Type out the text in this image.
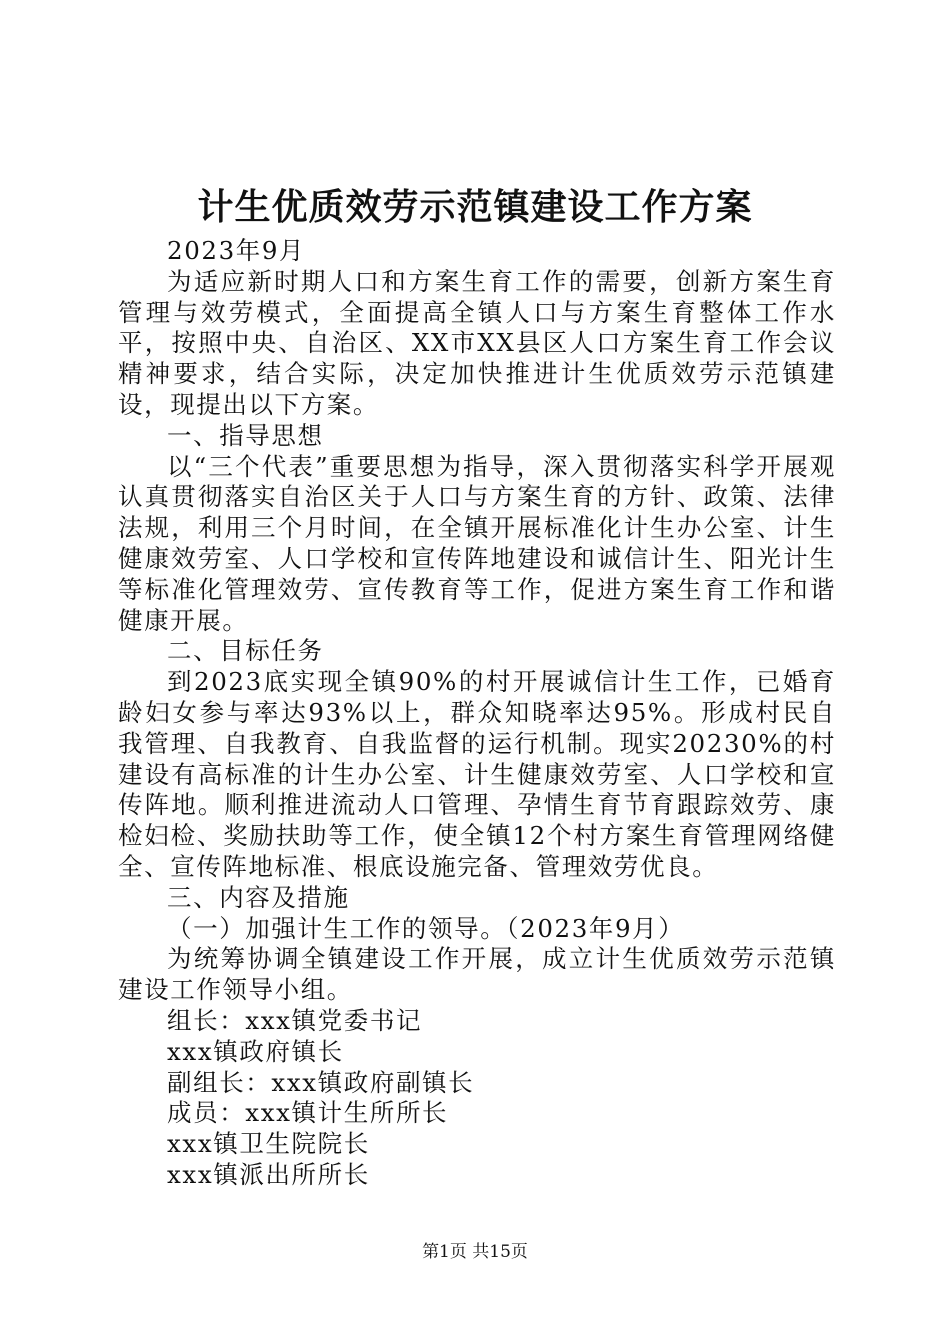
计生优质效劳示范镇建设工作方案

2023年9月

为适应新时期人口和方案生育工作的需要，创新方案生育管理与效劳模式，全面提高全镇人口与方案生育整体工作水平，按照中央、自治区、XX市XX县区人口方案生育工作会议精神要求，结合实际，决定加快推进计生优质效劳示范镇建设，现提出以下方案。

一、指导思想

以“三个代表”重要思想为指导，深入贯彻落实科学开展观认真贯彻落实自治区关于人口与方案生育的方针、政策、法律法规，利用三个月时间，在全镇开展标准化计生办公室、计生健康效劳室、人口学校和宣传阵地建设和诚信计生、阳光计生等标准化管理效劳、宣传教育等工作，促进方案生育工作和谐健康开展。

二、目标任务

到2023底实现全镇90%的村开展诚信计生工作，已婚育龄妇女参与率达93%以上，群众知晓率达95%。形成村民自我管理、自我教育、自我监督的运行机制。现实20230%的村建设有高标准的计生办公室、计生健康效劳室、人口学校和宣传阵地。顺利推进流动人口管理、孕情生育节育跟踪效劳、康检妇检、奖励扶助等工作，使全镇12个村方案生育管理网络健全、宣传阵地标准、根底设施完备、管理效劳优良。

三、内容及措施

（一）加强计生工作的领导。（2023年9月）

为统筹协调全镇建设工作开展，成立计生优质效劳示范镇建设工作领导小组。

组长：xxx镇党委书记

xxx镇政府镇长

副组长：xxx镇政府副镇长

成员：xxx镇计生所所长

xxx镇卫生院院长

xxx镇派出所所长

第1页 共15页
